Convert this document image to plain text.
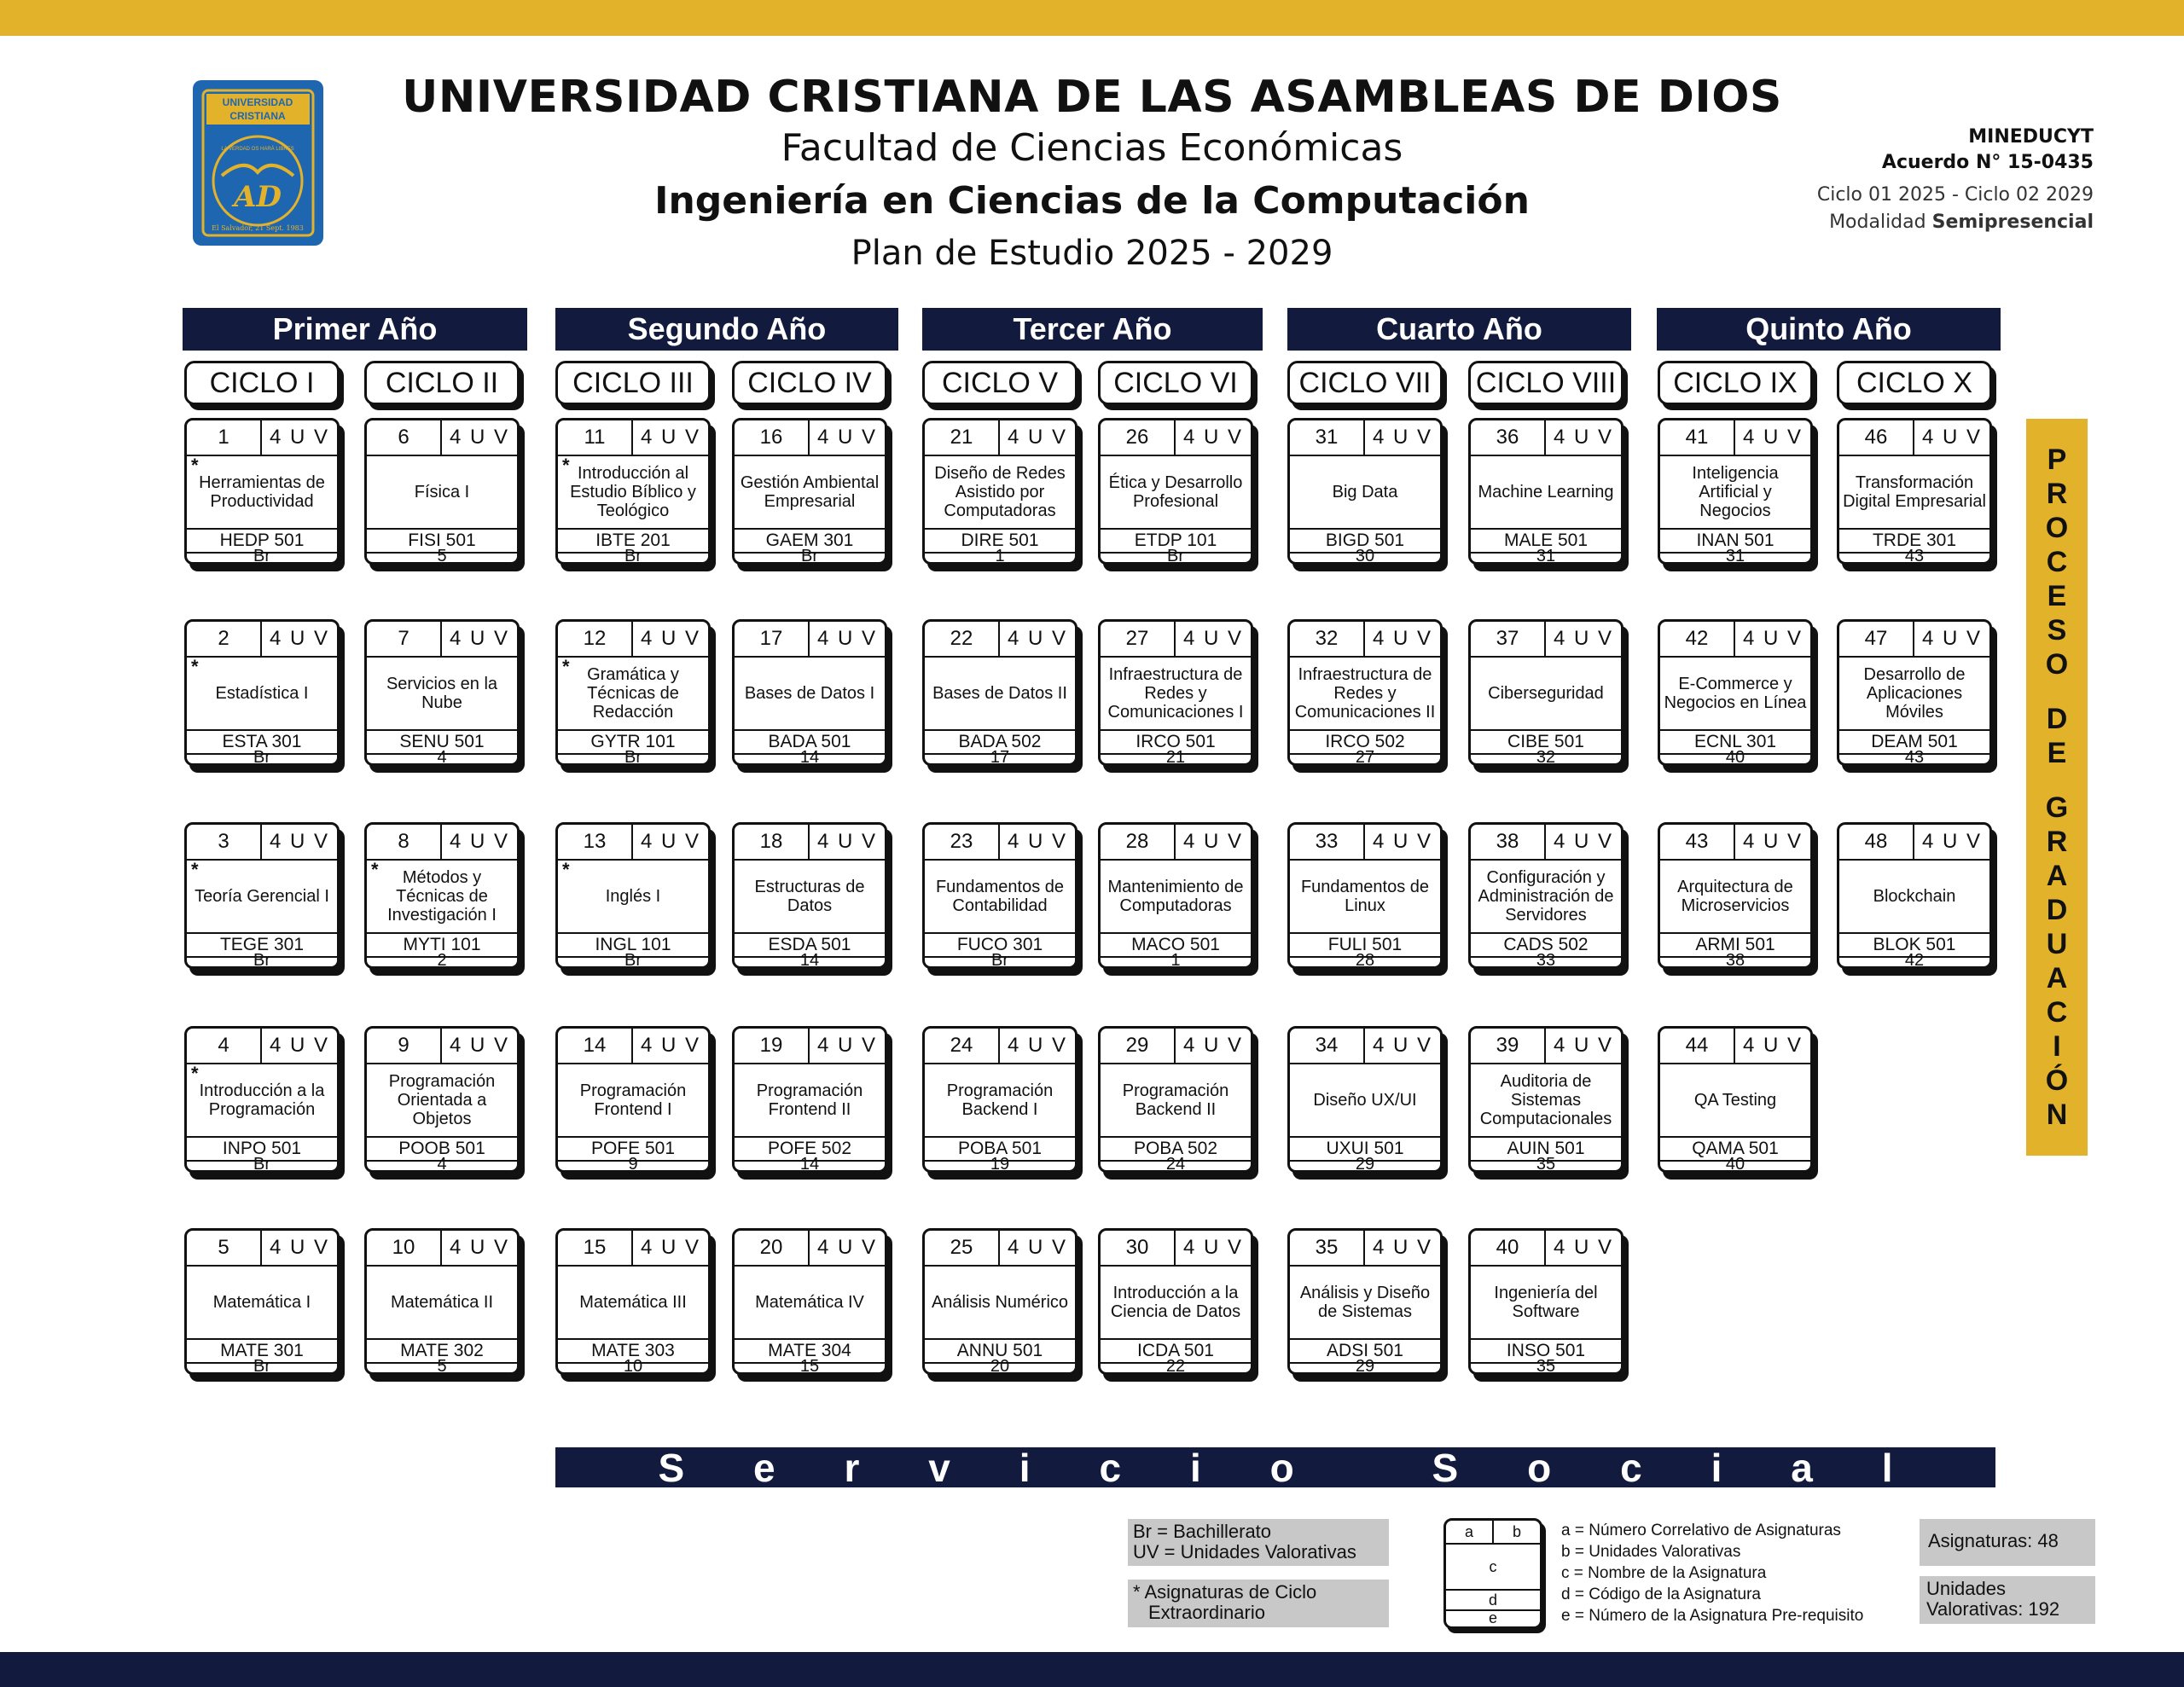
UNIVERSIDAD
CRISTIANA
AD
LA VERDAD OS HARÁ LIBRES
El Salvador, 21 Sept. 1983
UNIVERSIDAD CRISTIANA DE LAS ASAMBLEAS DE DIOS
Facultad de Ciencias Económicas
Ingeniería en Ciencias de la Computación
Plan de Estudio 2025 - 2029
MINEDUCYT
Acuerdo N° 15-0435
Ciclo 01 2025 - Ciclo 02 2029
Modalidad Semipresencial
Primer Año	Segundo Año	Tercer Año	Cuarto Año	Quinto Año
CICLO I	CICLO II	CICLO III	CICLO IV	CICLO V	CICLO VI	CICLO VII	CICLO VIII	CICLO IX	CICLO X
1	4 U V
*
Herramientas de Productividad
HEDP 501
Br
2	4 U V
*
Estadística I
ESTA 301
Br
3	4 U V
*
Teoría Gerencial I
TEGE 301
Br
4	4 U V
*
Introducción a la Programación
INPO 501
Br
5	4 U V
Matemática I
MATE 301
Br
6	4 U V
Física I
FISI 501
5
7	4 U V
Servicios en la Nube
SENU 501
4
8	4 U V
*	Métodos y Técnicas de Investigación I
MYTI 101
2
9	4 U V
Programación Orientada a Objetos
POOB 501
4
10	4 U V
Matemática II
MATE 302
5
11	4 U V
* Introducción al Estudio Bíblico y Teológico
IBTE 201
Br
12	4 U V
*	Gramática y Técnicas de Redacción
GYTR 101
Br
13	4 U V
*
Inglés I
INGL 101
Br
14	4 U V
Programación Frontend I
POFE 501
9
15	4 U V
Matemática III
MATE 303
10
16	4 U V
Gestión Ambiental Empresarial
GAEM 301
Br
17	4 U V
Bases de Datos I
BADA 501
14
18	4 U V
Estructuras de Datos
ESDA 501
14
19	4 U V
Programación Frontend II
POFE 502
14
20	4 U V
Matemática IV
MATE 304
15
21	4 U V
Diseño de Redes Asistido por Computadoras
DIRE 501
1
22	4 U V
Bases de Datos II
BADA 502
17
23	4 U V
Fundamentos de Contabilidad
FUCO 301
Br
24	4 U V
Programación Backend I
POBA 501
19
25	4 U V
Análisis Numérico
ANNU 501
20
26	4 U V
Ética y Desarrollo Profesional
ETDP 101
Br
27	4 U V
Infraestructura de Redes y Comunicaciones I
IRCO 501
21
28	4 U V
Mantenimiento de Computadoras
MACO 501
1
29	4 U V
Programación Backend II
POBA 502
24
30	4 U V
Introducción a la Ciencia de Datos
ICDA 501
22
31	4 U V
Big Data
BIGD 501
30
32	4 U V
Infraestructura de Redes y Comunicaciones II
IRCO 502
27
33	4 U V
Fundamentos de Linux
FULI 501
28
34	4 U V
Diseño UX/UI
UXUI 501
29
35	4 U V
Análisis y Diseño de Sistemas
ADSI 501
29
36	4 U V
Machine Learning
MALE 501
31
37	4 U V
Ciberseguridad
CIBE 501
32
38	4 U V
Configuración y Administración de Servidores
CADS 502
33
39	4 U V
Auditoria de Sistemas Computacionales
AUIN 501
35
40	4 U V
Ingeniería del Software
INSO 501
35
41	4 U V
Inteligencia Artificial y Negocios
INAN 501
31
42	4 U V
E-Commerce y Negocios en Línea
ECNL 301
40
43	4 U V
Arquitectura de Microservicios
ARMI 501
38
44	4 U V
QA Testing
QAMA 501
40
46	4 U V
Transformación Digital Empresarial
TRDE 301
43
47	4 U V
Desarrollo de Aplicaciones Móviles
DEAM 501
43
48	4 U V
Blockchain
BLOK 501
42
P
R
O
C
E
S
O
D
E
G
R
A
D
U
A
C
I
Ó
N
S e r v i c i o	S o c i a l
Br = Bachillerato
UV = Unidades Valorativas
* Asignaturas de Ciclo
Extraordinario
a	b
c
d
e
a = Número Correlativo de Asignaturas
b = Unidades Valorativas
c = Nombre de la Asignatura
d = Código de la Asignatura
e = Número de la Asignatura Pre-requisito
Asignaturas: 48
Unidades
Valorativas: 192
